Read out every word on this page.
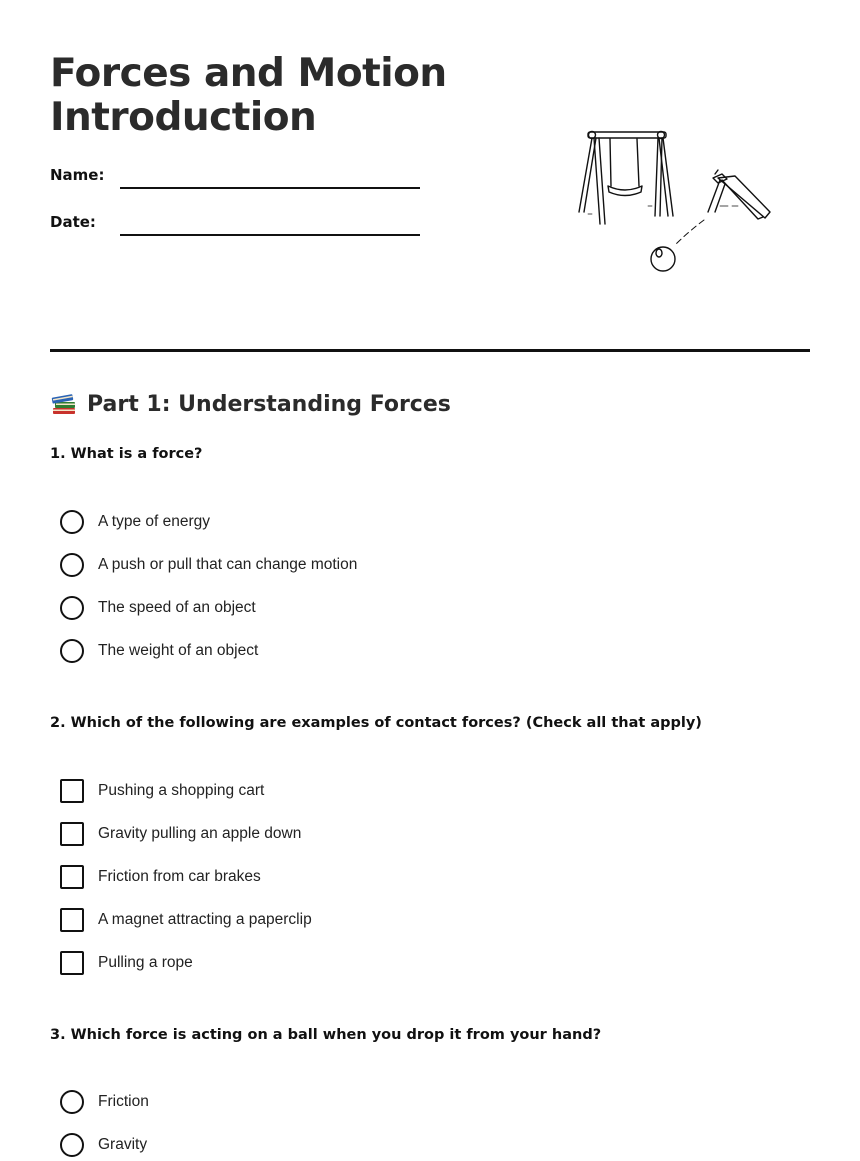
Forces and Motion
Introduction
Name:
Date:
Part 1: Understanding Forces
1. What is a force?
A type of energy
A push or pull that can change motion
The speed of an object
The weight of an object
2. Which of the following are examples of contact forces? (Check all that apply)
Pushing a shopping cart
Gravity pulling an apple down
Friction from car brakes
A magnet attracting a paperclip
Pulling a rope
3. Which force is acting on a ball when you drop it from your hand?
Friction
Gravity
